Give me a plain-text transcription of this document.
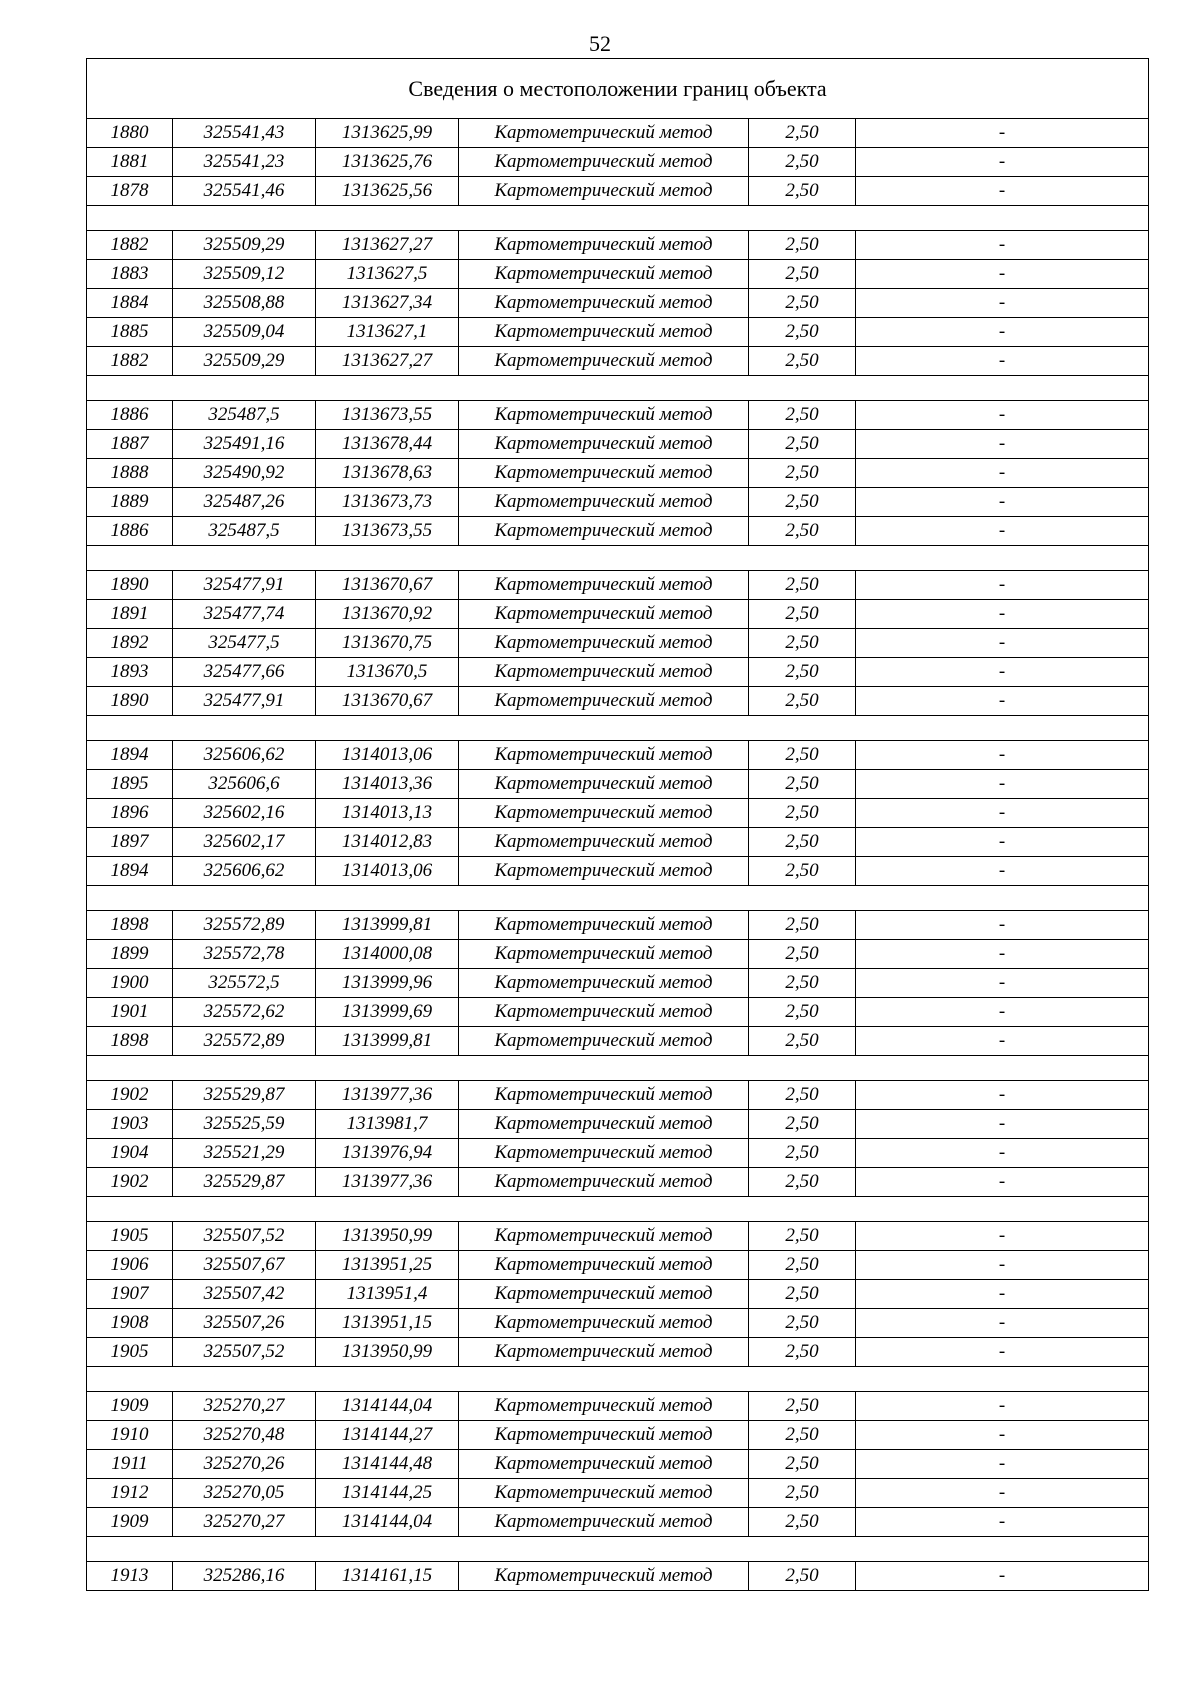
52
Сведения о местоположении границ объекта					
1880	325541,43	1313625,99	Картометрический метод	2,50	-
1881	325541,23	1313625,76	Картометрический метод	2,50	-
1878	325541,46	1313625,56	Картометрический метод	2,50	-

1882	325509,29	1313627,27	Картометрический метод	2,50	-
1883	325509,12	1313627,5	Картометрический метод	2,50	-
1884	325508,88	1313627,34	Картометрический метод	2,50	-
1885	325509,04	1313627,1	Картометрический метод	2,50	-
1882	325509,29	1313627,27	Картометрический метод	2,50	-

1886	325487,5	1313673,55	Картометрический метод	2,50	-
1887	325491,16	1313678,44	Картометрический метод	2,50	-
1888	325490,92	1313678,63	Картометрический метод	2,50	-
1889	325487,26	1313673,73	Картометрический метод	2,50	-
1886	325487,5	1313673,55	Картометрический метод	2,50	-

1890	325477,91	1313670,67	Картометрический метод	2,50	-
1891	325477,74	1313670,92	Картометрический метод	2,50	-
1892	325477,5	1313670,75	Картометрический метод	2,50	-
1893	325477,66	1313670,5	Картометрический метод	2,50	-
1890	325477,91	1313670,67	Картометрический метод	2,50	-

1894	325606,62	1314013,06	Картометрический метод	2,50	-
1895	325606,6	1314013,36	Картометрический метод	2,50	-
1896	325602,16	1314013,13	Картометрический метод	2,50	-
1897	325602,17	1314012,83	Картометрический метод	2,50	-
1894	325606,62	1314013,06	Картометрический метод	2,50	-

1898	325572,89	1313999,81	Картометрический метод	2,50	-
1899	325572,78	1314000,08	Картометрический метод	2,50	-
1900	325572,5	1313999,96	Картометрический метод	2,50	-
1901	325572,62	1313999,69	Картометрический метод	2,50	-
1898	325572,89	1313999,81	Картометрический метод	2,50	-

1902	325529,87	1313977,36	Картометрический метод	2,50	-
1903	325525,59	1313981,7	Картометрический метод	2,50	-
1904	325521,29	1313976,94	Картометрический метод	2,50	-
1902	325529,87	1313977,36	Картометрический метод	2,50	-

1905	325507,52	1313950,99	Картометрический метод	2,50	-
1906	325507,67	1313951,25	Картометрический метод	2,50	-
1907	325507,42	1313951,4	Картометрический метод	2,50	-
1908	325507,26	1313951,15	Картометрический метод	2,50	-
1905	325507,52	1313950,99	Картометрический метод	2,50	-

1909	325270,27	1314144,04	Картометрический метод	2,50	-
1910	325270,48	1314144,27	Картометрический метод	2,50	-
1911	325270,26	1314144,48	Картометрический метод	2,50	-
1912	325270,05	1314144,25	Картометрический метод	2,50	-
1909	325270,27	1314144,04	Картометрический метод	2,50	-

1913	325286,16	1314161,15	Картометрический метод	2,50	-
